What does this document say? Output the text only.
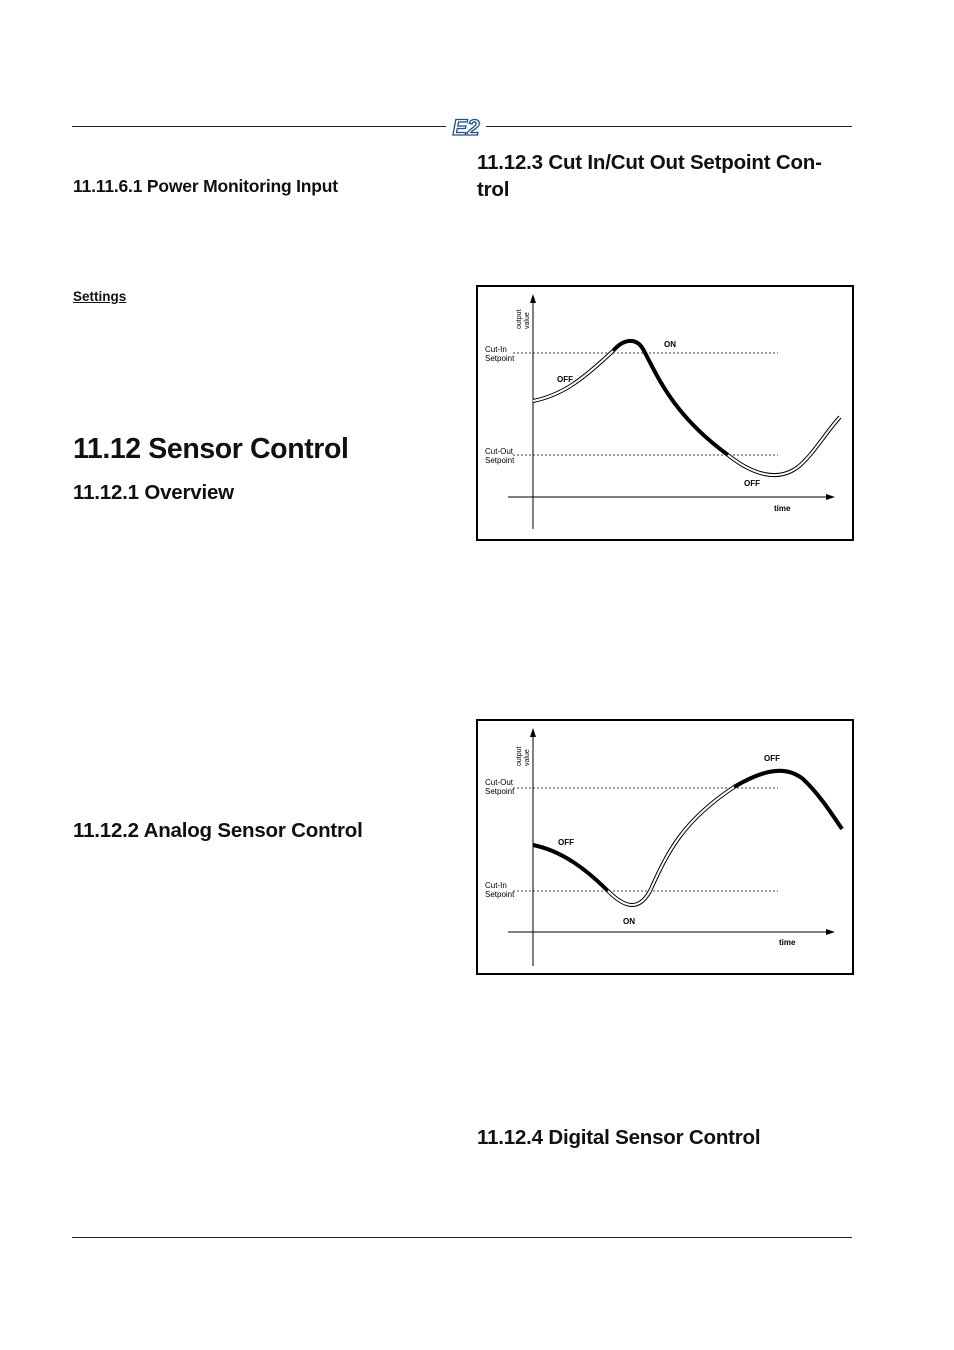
E2
11.11.6.1 Power Monitoring Input
Settings
11.12 Sensor Control
11.12.1 Overview
11.12.2 Analog Sensor Control
11.12.3 Cut In/Cut Out Setpoint Con-
trol
11.12.4 Digital Sensor Control
output value
Cut-In
Setpoint
Cut-Out
Setpoint
OFF
ON
OFF
time
output value
Cut-Out
Setpoint
Cut-In
Setpoint
OFF
ON
OFF
time
